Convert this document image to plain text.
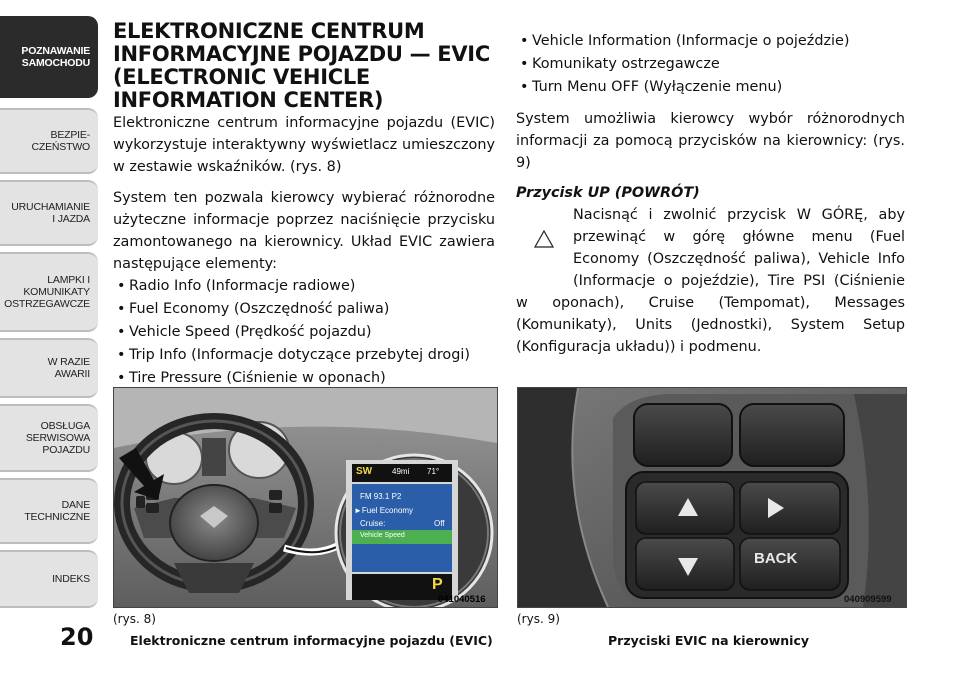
POZNAWANIE
SAMOCHODU
BEZPIE-
CZEŃSTWO
URUCHAMIANIE
I JAZDA
LAMPKI I
KOMUNIKATY
OSTRZEGAWCZE
W RAZIE
AWARII
OBSŁUGA
SERWISOWA
POJAZDU
DANE
TECHNICZNE
INDEKS
20
ELEKTRONICZNE CENTRUM
INFORMACYJNE POJAZDU — EVIC
(ELECTRONIC VEHICLE
INFORMATION CENTER)

Elektroniczne centrum informacyjne pojazdu (EVIC) wykorzystuje interaktywny wyświetlacz umieszczony w zestawie wskaźników. (rys. 8)

System ten pozwala kierowcy wybierać różnorodne użyteczne informacje poprzez naciśnięcie przycisku zamontowanego na kierownicy. Układ EVIC zawiera następujące elementy:

• Radio Info (Informacje radiowe)
• Fuel Economy (Oszczędność paliwa)
• Vehicle Speed (Prędkość pojazdu)
• Trip Info (Informacje dotyczące przebytej drogi)
• Tire Pressure (Ciśnienie w oponach)
• Vehicle Information (Informacje o pojeździe)
• Komunikaty ostrzegawcze
• Turn Menu OFF (Wyłączenie menu)

System umożliwia kierowcy wybór różnorodnych informacji za pomocą przycisków na kierownicy: (rys. 9)

Przycisk UP (POWRÓT)
Nacisnąć i zwolnić przycisk W GÓRĘ, aby
przewinąć w górę główne menu (Fuel
Economy (Oszczędność paliwa), Vehicle Info
(Informacje o pojeździe), Tire PSI (Ciśnienie

w oponach), Cruise (Tempomat), Messages (Komunikaty), Units (Jednostki), System Setup (Konfiguracja układu)) i podmenu.

SW 49mi 71°
FM 93.1 P2
►Fuel Economy
Cruise:	Off
Vehicle Speed
P
041040516
(rys. 8)
Elektroniczne centrum informacyjne pojazdu (EVIC)
BACK
040909599
(rys. 9)
Przyciski EVIC na kierownicy
